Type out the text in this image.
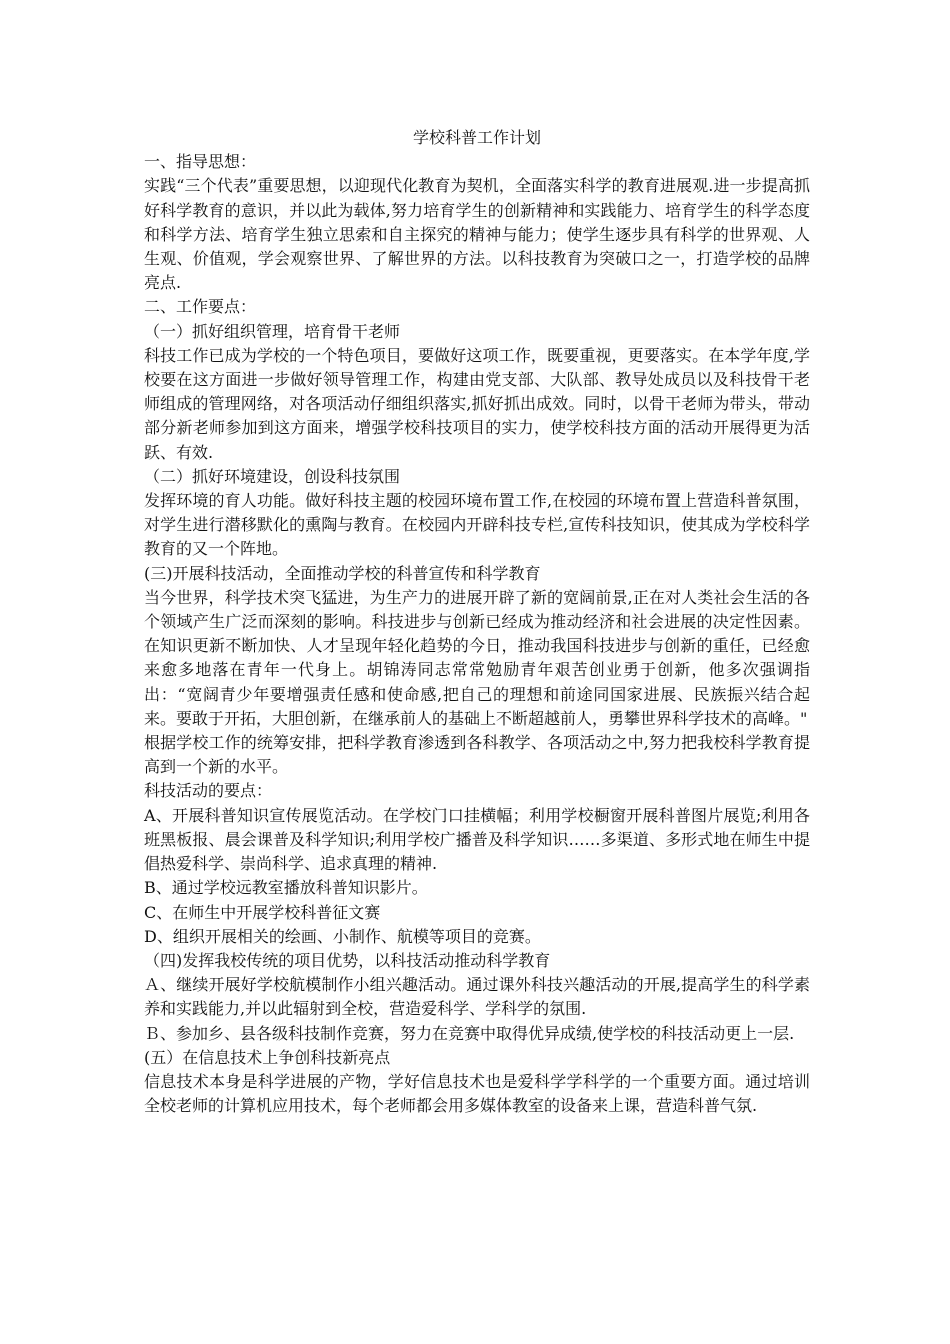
学校科普工作计划

一、指导思想：

实践“三个代表”重要思想，以迎现代化教育为契机，全面落实科学的教育进展观.进一步提高抓好科学教育的意识，并以此为载体,努力培育学生的创新精神和实践能力、培育学生的科学态度和科学方法、培育学生独立思索和自主探究的精神与能力；使学生逐步具有科学的世界观、人生观、价值观，学会观察世界、了解世界的方法。以科技教育为突破口之一，打造学校的品牌亮点.

二、工作要点：

（一）抓好组织管理，培育骨干老师

科技工作已成为学校的一个特色项目，要做好这项工作，既要重视，更要落实。在本学年度,学校要在这方面进一步做好领导管理工作，构建由党支部、大队部、教导处成员以及科技骨干老师组成的管理网络，对各项活动仔细组织落实,抓好抓出成效。同时，以骨干老师为带头，带动部分新老师参加到这方面来，增强学校科技项目的实力，使学校科技方面的活动开展得更为活跃、有效.

（二）抓好环境建设，创设科技氛围

发挥环境的育人功能。做好科技主题的校园环境布置工作,在校园的环境布置上营造科普氛围，对学生进行潜移默化的熏陶与教育。在校园内开辟科技专栏,宣传科技知识，使其成为学校科学教育的又一个阵地。

(三)开展科技活动，全面推动学校的科普宣传和科学教育

当今世界，科学技术突飞猛进，为生产力的进展开辟了新的宽阔前景,正在对人类社会生活的各个领域产生广泛而深刻的影响。科技进步与创新已经成为推动经济和社会进展的决定性因素。在知识更新不断加快、人才呈现年轻化趋势的今日，推动我国科技进步与创新的重任，已经愈来愈多地落在青年一代身上。胡锦涛同志常常勉励青年艰苦创业勇于创新，他多次强调指出：“宽阔青少年要增强责任感和使命感,把自己的理想和前途同国家进展、民族振兴结合起来。要敢于开拓，大胆创新，在继承前人的基础上不断超越前人，勇攀世界科学技术的高峰。"

根据学校工作的统筹安排，把科学教育渗透到各科教学、各项活动之中,努力把我校科学教育提高到一个新的水平。

科技活动的要点：

A、开展科普知识宣传展览活动。在学校门口挂横幅；利用学校橱窗开展科普图片展览;利用各班黑板报、晨会课普及科学知识;利用学校广播普及科学知识……多渠道、多形式地在师生中提倡热爱科学、崇尚科学、追求真理的精神.

B、通过学校远教室播放科普知识影片。

C、在师生中开展学校科普征文赛

D、组织开展相关的绘画、小制作、航模等项目的竞赛。

（四)发挥我校传统的项目优势，以科技活动推动科学教育

Ａ、继续开展好学校航模制作小组兴趣活动。通过课外科技兴趣活动的开展,提高学生的科学素养和实践能力,并以此辐射到全校，营造爱科学、学科学的氛围.

Ｂ、参加乡、县各级科技制作竞赛，努力在竞赛中取得优异成绩,使学校的科技活动更上一层.

(五）在信息技术上争创科技新亮点

信息技术本身是科学进展的产物，学好信息技术也是爱科学学科学的一个重要方面。通过培训全校老师的计算机应用技术，每个老师都会用多媒体教室的设备来上课，营造科普气氛.
